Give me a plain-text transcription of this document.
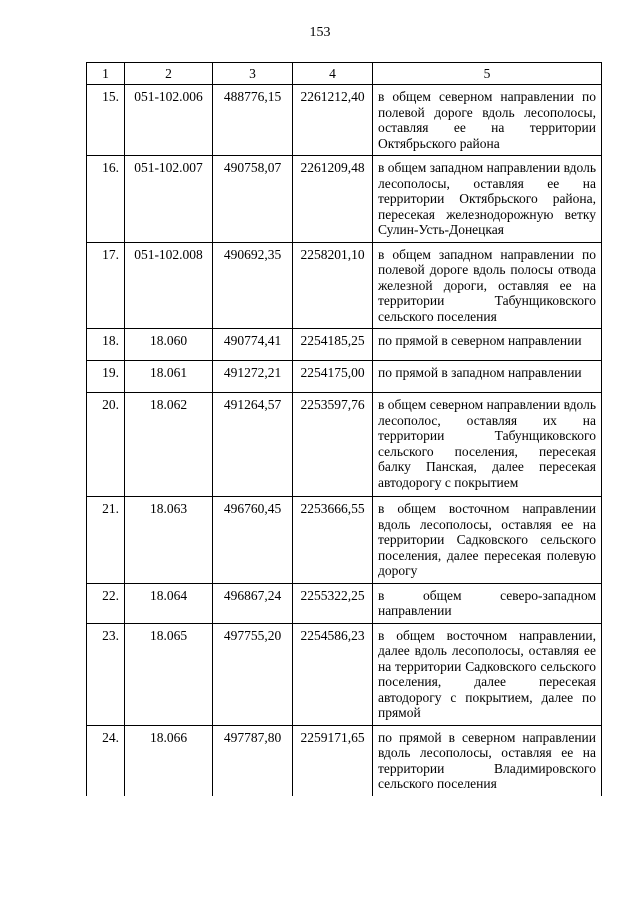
153
1	2	3	4	5
15.	051-102.006	488776,15	2261212,40	в общем северном направлении по полевой дороге вдоль лесополосы, оставляя ее на территории Октябрьского района
16.	051-102.007	490758,07	2261209,48	в общем западном направлении вдоль лесополосы, оставляя ее на территории Октябрьского района, пересекая железнодорожную ветку Сулин-Усть-Донецкая
17.	051-102.008	490692,35	2258201,10	в общем западном направлении по полевой дороге вдоль полосы отвода железной дороги, оставляя ее на территории Табунщиковского сельского поселения
18.	18.060	490774,41	2254185,25	по прямой в северном направлении
19.	18.061	491272,21	2254175,00	по прямой в западном направлении
20.	18.062	491264,57	2253597,76	в общем северном направлении вдоль лесополос, оставляя их на территории Табунщиковского сельского поселения, пересекая балку Панская, далее пересекая автодорогу с покрытием
21.	18.063	496760,45	2253666,55	в общем восточном направлении вдоль лесополосы, оставляя ее на территории Садковского сельского поселения, далее пересекая полевую дорогу
22.	18.064	496867,24	2255322,25	в общем северо-западном направлении
23.	18.065	497755,20	2254586,23	в общем восточном направлении, далее вдоль лесополосы, оставляя ее на территории Садковского сельского поселения, далее пересекая автодорогу с покрытием, далее по прямой
24.	18.066	497787,80	2259171,65	по прямой в северном направлении вдоль лесополосы, оставляя ее на территории Владимировского сельского поселения
